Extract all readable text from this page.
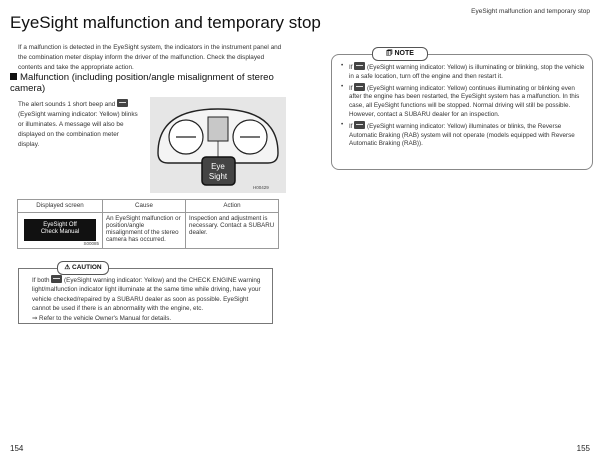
EyeSight malfunction and temporary stop
If a malfunction is detected in the EyeSight system, the indicators in the instrument panel and the combination meter display inform the driver of the malfunction. Check the displayed contents and take the appropriate action.
Malfunction (including position/angle misalignment of stereo camera)
The alert sounds 1 short beep and  (EyeSight warning indicator: Yellow) blinks or illuminates. A message will also be displayed on the combination meter display.
Eye
Sight
H00429
Displayed screen	Cause	Action

EyeSight Off
Check Manual
S00085	An EyeSight malfunction or position/angle misalignment of the stereo camera has occurred.	Inspection and adjustment is necessary. Contact a SUBARU dealer.
⚠ CAUTION
If both (EyeSight warning indicator: Yellow) and the CHECK ENGINE warning light/malfunction indicator light illuminate at the same time while driving, have your vehicle checked/repaired by a SUBARU dealer as soon as possible. EyeSight cannot be used if there is an abnormality with the engine, etc.
⇒ Refer to the vehicle Owner's Manual for details.
154
EyeSight malfunction and temporary stop
🗊 NOTE
• If (EyeSight warning indicator: Yellow) is illuminating or blinking, stop the vehicle in a safe location, turn off the engine and then restart it.
• If (EyeSight warning indicator: Yellow) continues illuminating or blinking even after the engine has been restarted, the EyeSight system has a malfunction. In this case, all EyeSight functions will be stopped. Normal driving will still be possible. However, contact a SUBARU dealer for an inspection.
• If (EyeSight warning indicator: Yellow) illuminates or blinks, the Reverse Automatic Braking (RAB) system will not operate (models equipped with Reverse Automatic Braking (RAB)).
155
